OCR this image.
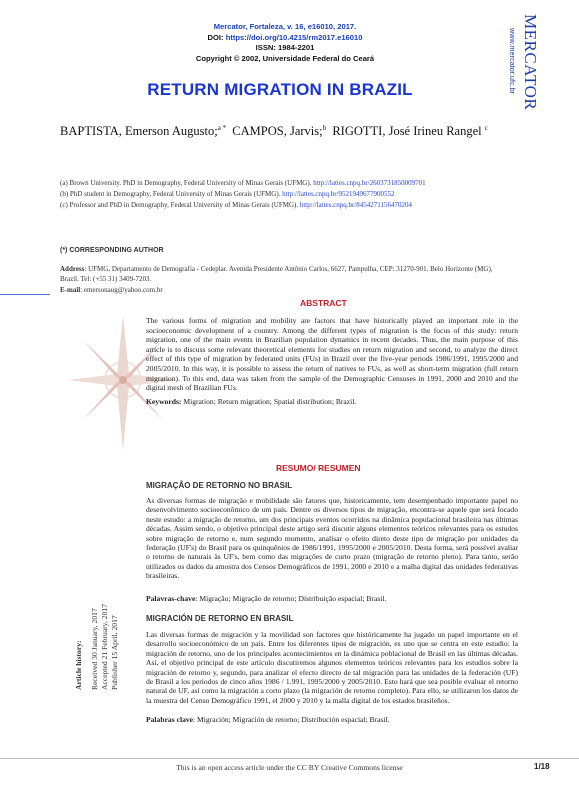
Mercator, Fortaleza, v. 16, e16010, 2017.
DOI: https://doi.org/10.4215/rm2017.e16010
ISSN: 1984-2201
Copyright © 2002, Universidade Federal do Ceará	MERCATOR
www.mercator.ufc.br
RETURN MIGRATION IN BRAZIL
BAPTISTA, Emerson Augusto;$^{a *}$ CAMPOS, Jarvis;$^b$ RIGOTTI, José Irineu Rangel $^c$
(a) Brown University. PhD in Demography, Federal University of Minas Gerais (UFMG). http://lattes.cnpq.br/2603731850009701
(b) PhD student in Demography, Federal University of Minas Gerais (UFMG). http://lattes.cnpq.br/9521949677900552
(c) Professor and PhD in Demography, Federal University of Minas Gerais (UFMG). http://lattes.cnpq.br/8454271156470204
(*) CORRESPONDING AUTHOR
Address: UFMG, Departamento de Demografia - Cedeplar. Avenida Presidente Antônio Carlos, 6627, Pampulha, CEP: 31270-901. Belo Horizonte (MG), Brazil. Tel: (+55 31) 3409-7203.
E-mail: emersonaug@yahoo.com.br
ABSTRACT
The various forms of migration and mobility are factors that have historically played an important role in the socioeconomic development of a country. Among the different types of migration is the focus of this study: return migration, one of the main events in Brazilian population dynamics in recent decades. Thus, the main purpose of this article is to discuss some relevant theoretical elements for studies on return migration and second, to analyze the direct effect of this type of migration by federated units (FUs) in Brazil over the five-year periods 1986/1991, 1995/2000 and 2005/2010. In this way, it is possible to assess the return of natives to FUs, as well as short-term migration (full return migration). To this end, data was taken from the sample of the Demographic Censuses in 1991, 2000 and 2010 and the digital mesh of Brazilian FUs.
Keywords: Migration; Return migration; Spatial distribution; Brazil.
RESUMO/ RESUMEN
MIGRAÇÃO DE RETORNO NO BRASIL
As diversas formas de migração e mobilidade são fatores que, historicamente, tem desempenhado importante papel no desenvolvimento socioeconômico de um país. Dentre os diversos tipos de migração, encontra-se aquele que será focado neste estudo: a migração de retorno, um dos principais eventos ocorridos na dinâmica populacional brasileira nas últimas décadas. Assim sendo, o objetivo principal deste artigo será discutir alguns elementos teóricos relevantes para os estudos sobre migração de retorno e, num segundo momento, analisar o efeito direto deste tipo de migração por unidades da federação (UF's) do Brasil para os quinquênios de 1986/1991, 1995/2000 e 2005/2010. Desta forma, será possível avaliar o retorno de naturais às UF's, bem como das migrações de curto prazo (migração de retorno pleno). Para tanto, serão utilizados os dados da amostra dos Censos Demográficos de 1991, 2000 e 2010 e a malha digital das unidades federativas brasileiras.
Palavras-chave: Migração; Migração de retorno; Distribuição espacial; Brasil.
MIGRACIÓN DE RETORNO EN BRASIL
Las diversas formas de migración y la movilidad son factores que históricamente ha jugado un papel importante en el desarrollo socioeconómico de un país. Entre los diferentes tipos de migración, es uno que se centra en este estudio: la migración de retorno, uno de los principales acontecimientos en la dinámica poblacional de Brasil en las últimas décadas. Así, el objetivo principal de este artículo discutiremos algunos elementos teóricos relevantes para los estudios sobre la migración de retorno y, segundo, para analizar el efecto directo de tal migración para las unidades de la federación (UF) de Brasil a los periodos de cinco años 1986 / 1.991, 1995/2000 y 2005/2010. Esto hará que sea posible evaluar el retorno natural de UF, así como la migración a corto plazo (la migración de retorno completo). Para ello, se utilizaron los datos de la muestra del Censo Demográfico 1991, el 2000 y 2010 y la malla digital de los estados brasileños.
Palabras clave: Migración; Migración de retorno; Distribución espacial; Brasil.
Article history: Received 30 January, 2017 Accepted 21 February, 2017 Publisher 15 April, 2017
This is an open access article under the CC BY Creative Commons license	1/18
